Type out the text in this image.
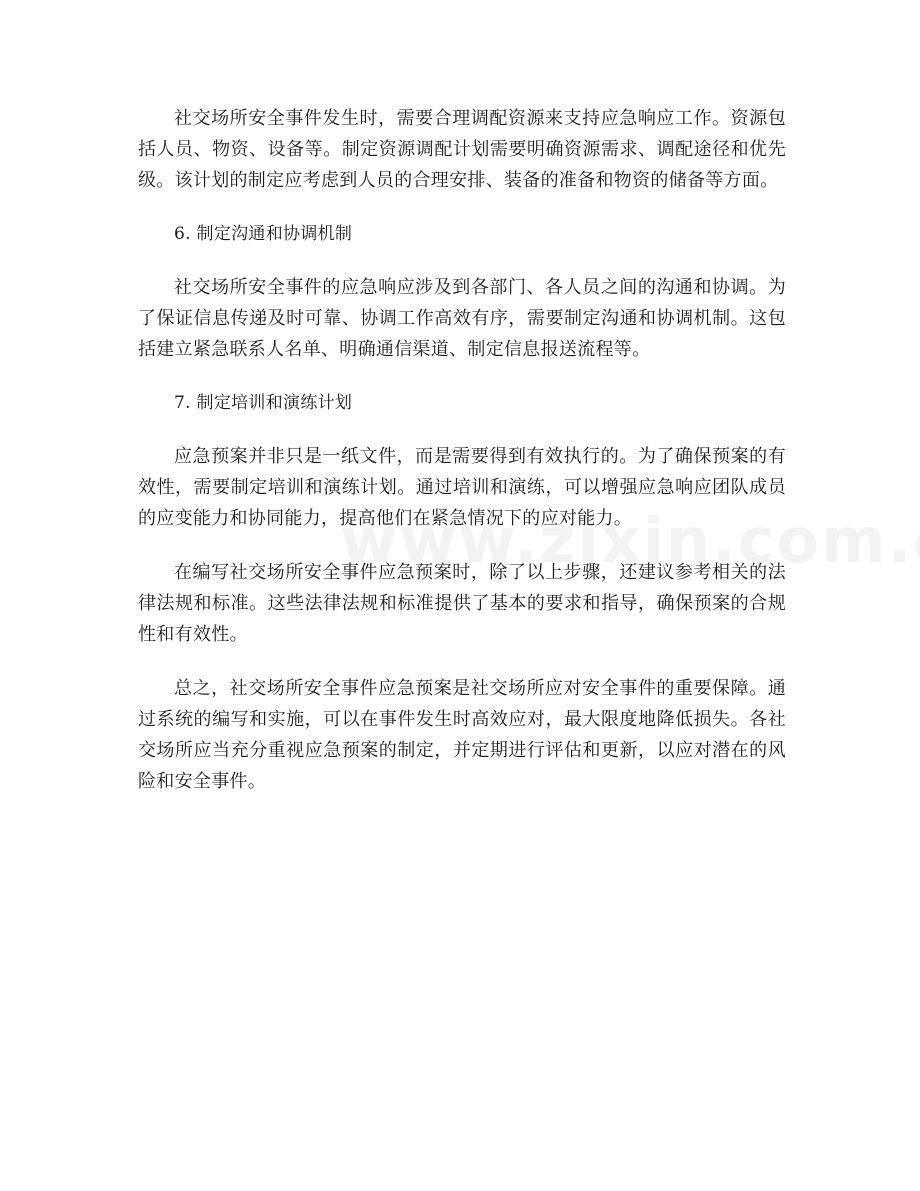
社交场所安全事件发生时，需要合理调配资源来支持应急响应工作。资源包括人员、物资、设备等。制定资源调配计划需要明确资源需求、调配途径和优先级。该计划的制定应考虑到人员的合理安排、装备的准备和物资的储备等方面。

6. 制定沟通和协调机制

社交场所安全事件的应急响应涉及到各部门、各人员之间的沟通和协调。为了保证信息传递及时可靠、协调工作高效有序，需要制定沟通和协调机制。这包括建立紧急联系人名单、明确通信渠道、制定信息报送流程等。

7. 制定培训和演练计划

应急预案并非只是一纸文件，而是需要得到有效执行的。为了确保预案的有效性，需要制定培训和演练计划。通过培训和演练，可以增强应急响应团队成员的应变能力和协同能力，提高他们在紧急情况下的应对能力。

在编写社交场所安全事件应急预案时，除了以上步骤，还建议参考相关的法律法规和标准。这些法律法规和标准提供了基本的要求和指导，确保预案的合规性和有效性。

总之，社交场所安全事件应急预案是社交场所应对安全事件的重要保障。通过系统的编写和实施，可以在事件发生时高效应对，最大限度地降低损失。各社交场所应当充分重视应急预案的制定，并定期进行评估和更新，以应对潜在的风险和安全事件。
